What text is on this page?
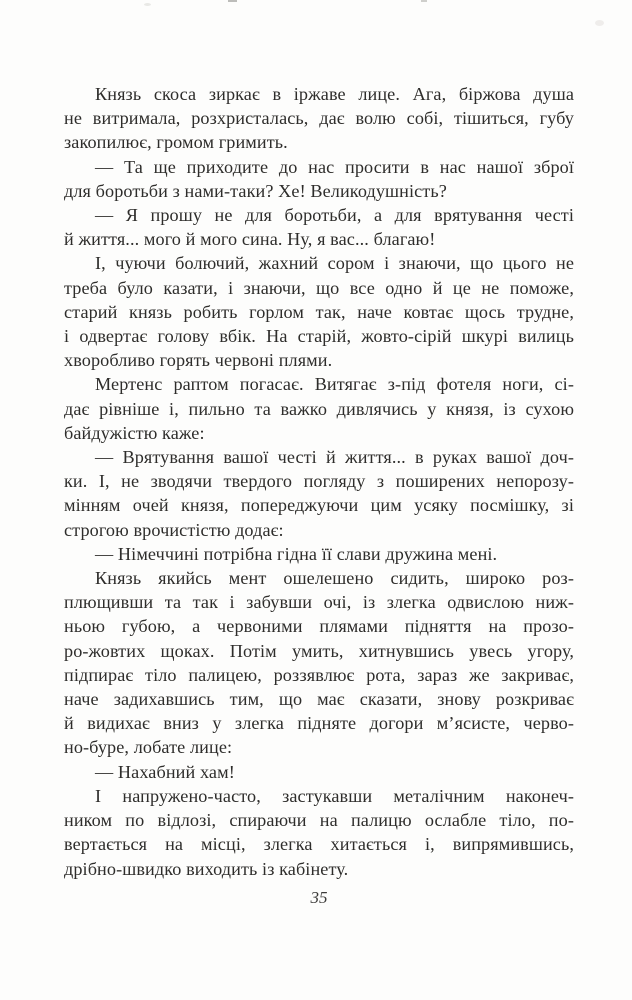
Князь скоса зиркає в іржаве лице. Ага, біржова душа
не витримала, розхристалась, дає волю собі, тішиться, губу
закопилює, громом гримить.
— Та ще приходите до нас просити в нас нашої зброї
для боротьби з нами-таки? Хе! Великодушність?
— Я прошу не для боротьби, а для врятування честі
й життя... мого й мого сина. Ну, я вас... благаю!
І, чуючи болючий, жахний сором і знаючи, що цього не
треба було казати, і знаючи, що все одно й це не поможе,
старий князь робить горлом так, наче ковтає щось трудне,
і одвертає голову вбік. На старій, жовто-сірій шкурі вилиць
хворобливо горять червоні плями.
Мертенс раптом погасає. Витягає з-під фотеля ноги, сі-
дає рівніше і, пильно та важко дивлячись у князя, із сухою
байдужістю каже:
— Врятування вашої честі й життя... в руках вашої доч-
ки. І, не зводячи твердого погляду з поширених непорозу-
мінням очей князя, попереджуючи цим усяку посмішку, зі
строгою врочистістю додає:
— Німеччині потрібна гідна її слави дружина мені.
Князь якийсь мент ошелешено сидить, широко роз-
плющивши та так і забувши очі, із злегка одвислою ниж-
ньою губою, а червоними плямами підняття на прозо-
ро-жовтих щоках. Потім умить, хитнувшись увесь угору,
підпирає тіло палицею, роззявлює рота, зараз же закриває,
наче задихавшись тим, що має сказати, знову розкриває
й видихає вниз у злегка підняте догори м’ясисте, черво-
но-буре, лобате лице:
— Нахабний хам!
І напружено-часто, застукавши металічним наконеч-
ником по відлозі, спираючи на палицю ослабле тіло, по-
вертається на місці, злегка хитається і, випрямившись,
дрібно-швидко виходить із кабінету.
35
